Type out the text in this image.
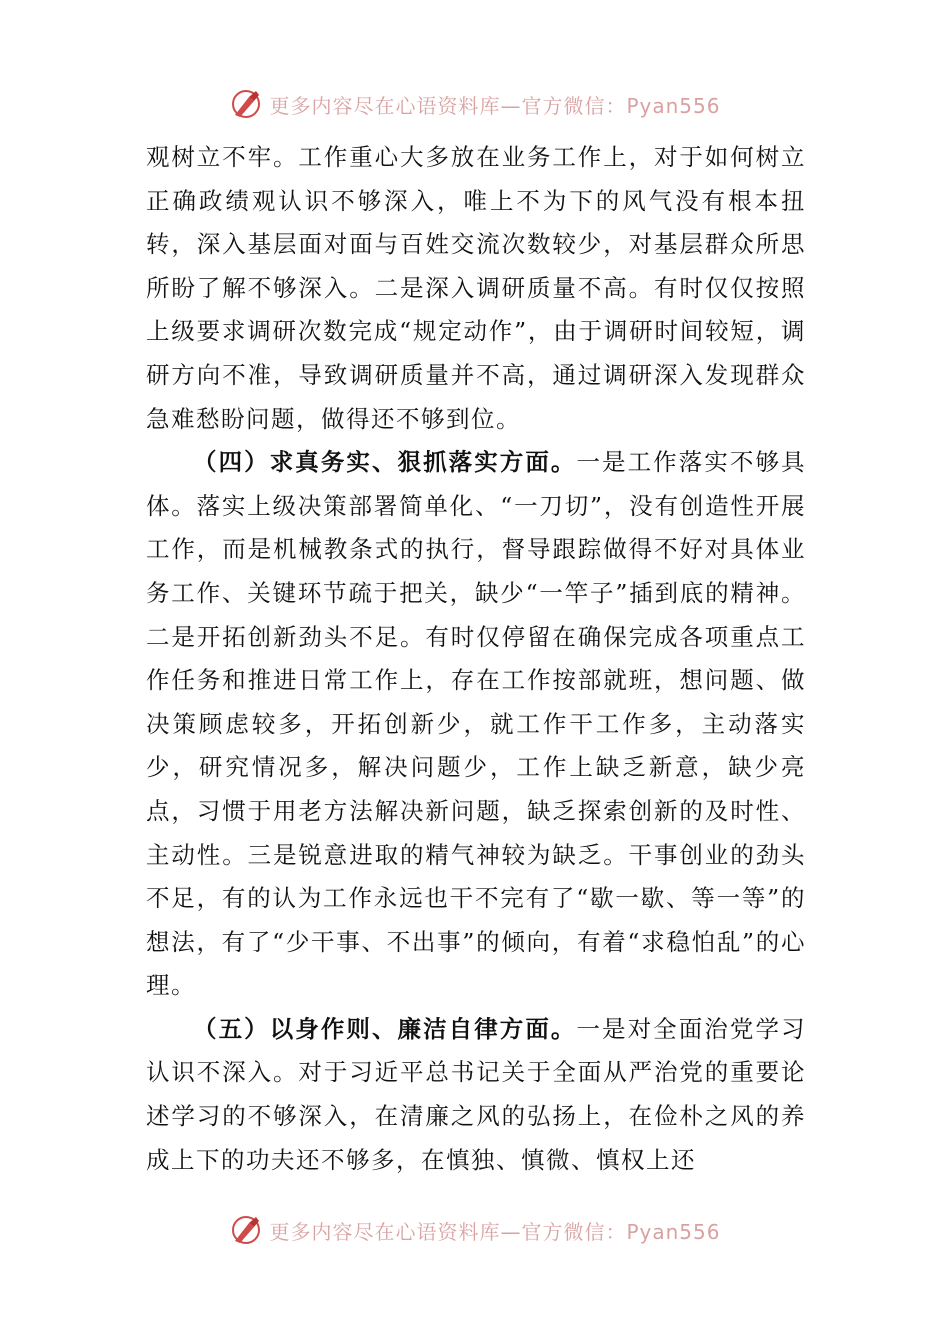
更多内容尽在心语资料库—官方微信：Pyan556

观树立不牢。工作重心大多放在业务工作上，对于如何树立正确政绩观认识不够深入，唯上不为下的风气没有根本扭转，深入基层面对面与百姓交流次数较少，对基层群众所思所盼了解不够深入。二是深入调研质量不高。有时仅仅按照上级要求调研次数完成“规定动作”，由于调研时间较短，调研方向不准，导致调研质量并不高，通过调研深入发现群众急难愁盼问题，做得还不够到位。

（四）求真务实、狠抓落实方面。一是工作落实不够具体。落实上级决策部署简单化、“一刀切”，没有创造性开展工作，而是机械教条式的执行，督导跟踪做得不好对具体业务工作、关键环节疏于把关，缺少“一竿子”插到底的精神。二是开拓创新劲头不足。有时仅停留在确保完成各项重点工作任务和推进日常工作上，存在工作按部就班，想问题、做决策顾虑较多，开拓创新少，就工作干工作多，主动落实少，研究情况多，解决问题少，工作上缺乏新意，缺少亮点，习惯于用老方法解决新问题，缺乏探索创新的及时性、主动性。三是锐意进取的精气神较为缺乏。干事创业的劲头不足，有的认为工作永远也干不完有了“歇一歇、等一等”的想法，有了“少干事、不出事”的倾向，有着“求稳怕乱”的心理。

（五）以身作则、廉洁自律方面。一是对全面治党学习认识不深入。对于习近平总书记关于全面从严治党的重要论述学习的不够深入，在清廉之风的弘扬上，在俭朴之风的养成上下的功夫还不够多，在慎独、慎微、慎权上还

更多内容尽在心语资料库—官方微信：Pyan556
